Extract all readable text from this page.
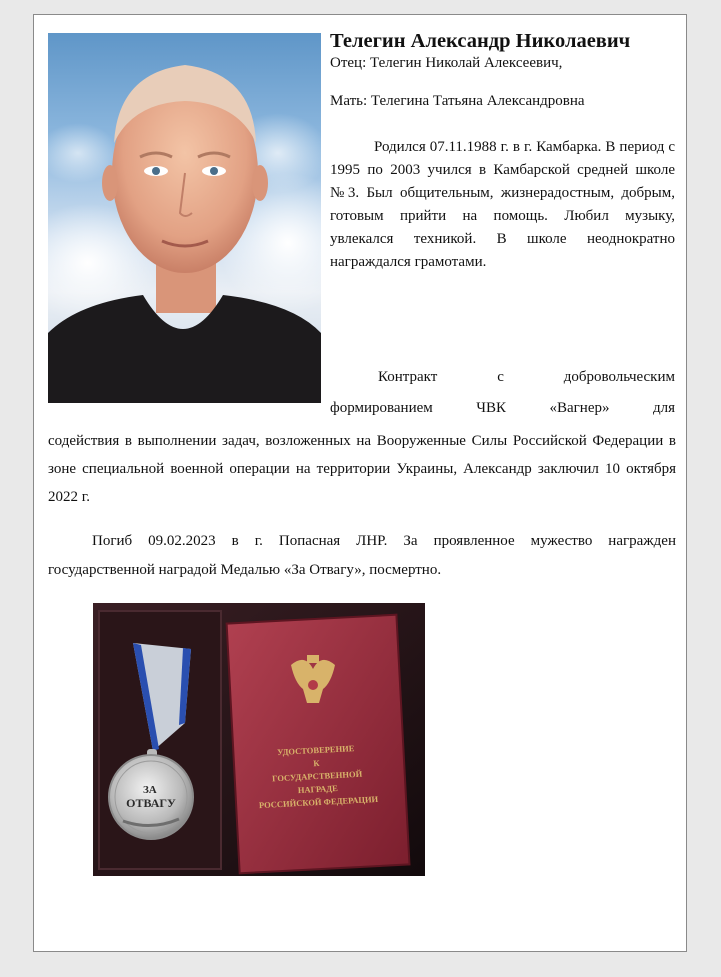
Телегин Александр Николаевич

Отец: Телегин Николай Алексеевич,

Мать: Телегина Татьяна Александровна

Родился 07.11.1988 г. в г. Камбарка. В период с 1995 по 2003 учился в Камбарской средней школе №3. Был общительным, жизнерадостным, добрым, готовым прийти на помощь. Любил музыку, увлекался техникой. В школе неоднократно награждался грамотами.

Контракт с добровольческим

формированием ЧВК «Вагнер» для

содействия в выполнении задач, возложенных на Вооруженные Силы Российской Федерации в зоне специальной военной операции на территории Украины, Александр заключил 10 октября 2022 г.

Погиб 09.02.2023 в г. Попасная ЛНР. За проявленное мужество награжден государственной наградой Медалью «За Отвагу», посмертно.

ЗА
ОТВАГУ
УДОСТОВЕРЕНИЕ
К
ГОСУДАРСТВЕННОЙ
НАГРАДЕ
РОССИЙСКОЙ ФЕДЕРАЦИИ
